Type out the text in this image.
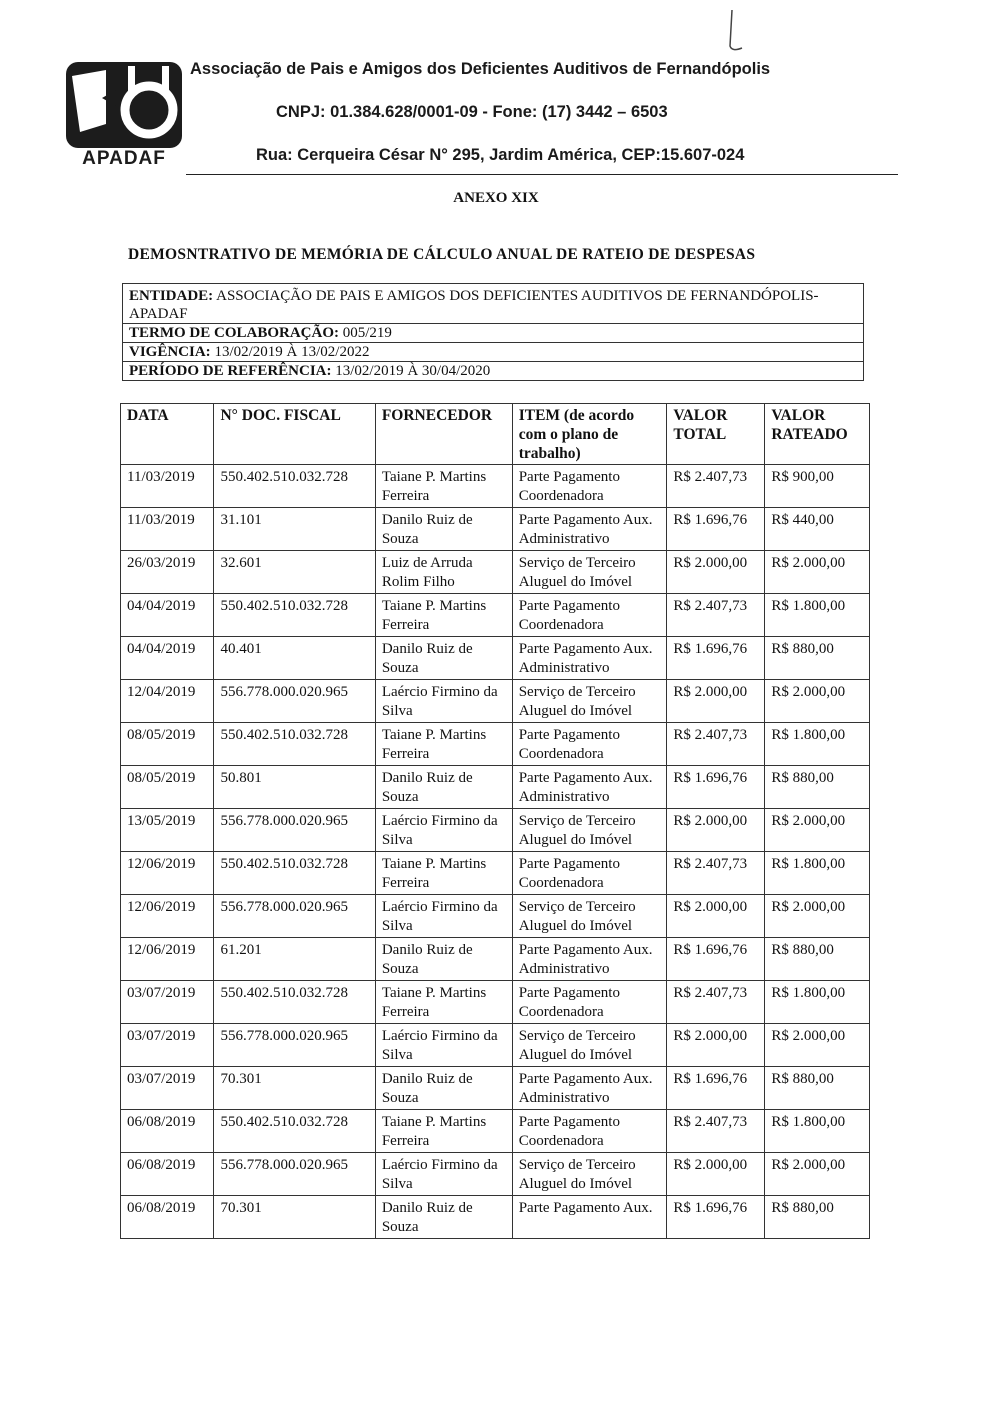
APADAF
Associação de Pais e Amigos dos Deficientes Auditivos de Fernandópolis
CNPJ: 01.384.628/0001-09 - Fone: (17) 3442 – 6503
Rua: Cerqueira César N° 295, Jardim América, CEP:15.607-024
ANEXO XIX
DEMOSNTRATIVO DE MEMÓRIA DE CÁLCULO ANUAL DE RATEIO DE DESPESAS
ENTIDADE: ASSOCIAÇÃO DE PAIS E AMIGOS DOS DEFICIENTES AUDITIVOS DE FERNANDÓPOLIS-APADAF
TERMO DE COLABORAÇÃO: 005/219
VIGÊNCIA: 13/02/2019 À 13/02/2022
PERÍODO DE REFERÊNCIA: 13/02/2019 À 30/04/2020
DATA	N° DOC. FISCAL	FORNECEDOR	ITEM (de acordo com o plano de trabalho)	VALOR TOTAL	VALOR RATEADO
11/03/2019	550.402.510.032.728	Taiane P. Martins Ferreira	Parte Pagamento Coordenadora	R$ 2.407,73	R$ 900,00
11/03/2019	31.101	Danilo Ruiz de Souza	Parte Pagamento Aux. Administrativo	R$ 1.696,76	R$ 440,00
26/03/2019	32.601	Luiz de Arruda Rolim Filho	Serviço de Terceiro Aluguel do Imóvel	R$ 2.000,00	R$ 2.000,00
04/04/2019	550.402.510.032.728	Taiane P. Martins Ferreira	Parte Pagamento Coordenadora	R$ 2.407,73	R$ 1.800,00
04/04/2019	40.401	Danilo Ruiz de Souza	Parte Pagamento Aux. Administrativo	R$ 1.696,76	R$ 880,00
12/04/2019	556.778.000.020.965	Laércio Firmino da Silva	Serviço de Terceiro Aluguel do Imóvel	R$ 2.000,00	R$ 2.000,00
08/05/2019	550.402.510.032.728	Taiane P. Martins Ferreira	Parte Pagamento Coordenadora	R$ 2.407,73	R$ 1.800,00
08/05/2019	50.801	Danilo Ruiz de Souza	Parte Pagamento Aux. Administrativo	R$ 1.696,76	R$ 880,00
13/05/2019	556.778.000.020.965	Laércio Firmino da Silva	Serviço de Terceiro Aluguel do Imóvel	R$ 2.000,00	R$ 2.000,00
12/06/2019	550.402.510.032.728	Taiane P. Martins Ferreira	Parte Pagamento Coordenadora	R$ 2.407,73	R$ 1.800,00
12/06/2019	556.778.000.020.965	Laércio Firmino da Silva	Serviço de Terceiro Aluguel do Imóvel	R$ 2.000,00	R$ 2.000,00
12/06/2019	61.201	Danilo Ruiz de Souza	Parte Pagamento Aux. Administrativo	R$ 1.696,76	R$ 880,00
03/07/2019	550.402.510.032.728	Taiane P. Martins Ferreira	Parte Pagamento Coordenadora	R$ 2.407,73	R$ 1.800,00
03/07/2019	556.778.000.020.965	Laércio Firmino da Silva	Serviço de Terceiro Aluguel do Imóvel	R$ 2.000,00	R$ 2.000,00
03/07/2019	70.301	Danilo Ruiz de Souza	Parte Pagamento Aux. Administrativo	R$ 1.696,76	R$ 880,00
06/08/2019	550.402.510.032.728	Taiane P. Martins Ferreira	Parte Pagamento Coordenadora	R$ 2.407,73	R$ 1.800,00
06/08/2019	556.778.000.020.965	Laércio Firmino da Silva	Serviço de Terceiro Aluguel do Imóvel	R$ 2.000,00	R$ 2.000,00
06/08/2019	70.301	Danilo Ruiz de Souza	Parte Pagamento Aux.	R$ 1.696,76	R$ 880,00
